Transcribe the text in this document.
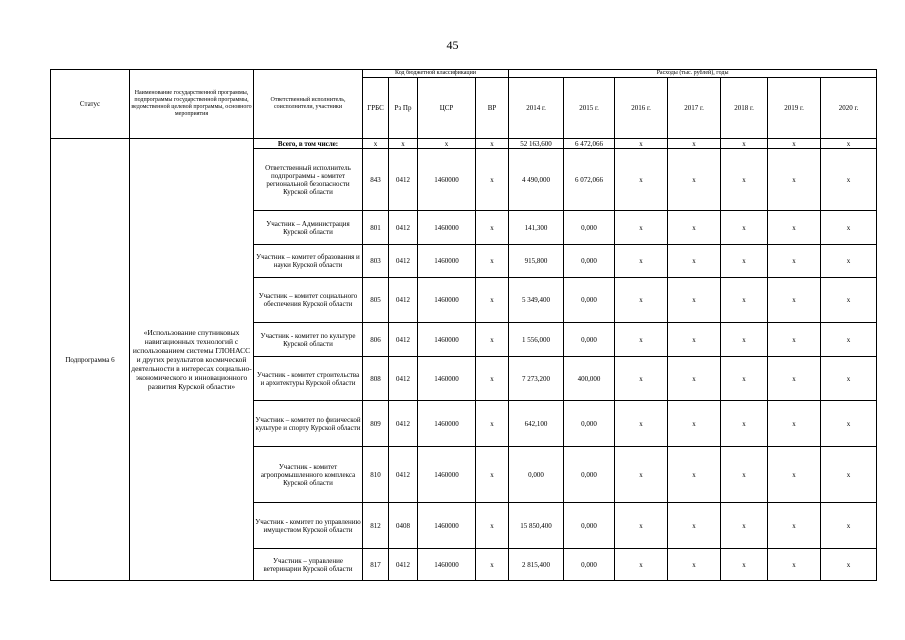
45
Статус	Наименование государственной программы, подпрограммы государственной программы, ведомственной целевой программы, основного мероприятия	Ответственный исполнитель, соисполнители, участники	Код бюджетной классификации				Расходы (тыс. рублей), годы						
			ГРБС	Рз Пр	ЦСР	ВР	2014 г.	2015 г.	2016 г.	2017 г.	2018 г.	2019 г.	2020 г.
Подпрограмма 6	«Использование спутниковых навигационных технологий с использованием системы ГЛОНАСС и других результатов космической деятельности в интересах социально-экономического и инновационного развития Курской области»	Всего, в том числе:	x	x	x	x	52 163,600	6 472,066	x	x	x	x	x
		Ответственный исполнитель подпрограммы - комитет региональной безопасности Курской области	843	0412	1460000	x	4 490,000	6 072,066	x	x	x	x	x
		Участник – Администрация Курской области	801	0412	1460000	x	141,300	0,000	x	x	x	x	x
		Участник – комитет образования и науки Курской области	803	0412	1460000	x	915,800	0,000	x	x	x	x	x
		Участник – комитет социального обеспечения Курской области	805	0412	1460000	x	5 349,400	0,000	x	x	x	x	x
		Участник - комитет по культуре Курской области	806	0412	1460000	x	1 556,000	0,000	x	x	x	x	x
		Участник - комитет строительства и архитектуры Курской области	808	0412	1460000	x	7 273,200	400,000	x	x	x	x	x
		Участник – комитет по физической культуре и спорту Курской области	809	0412	1460000	x	642,100	0,000	x	x	x	x	x
		Участник - комитет агропромышленного комплекса Курской области	810	0412	1460000	x	0,000	0,000	x	x	x	x	x
		Участник - комитет по управлению имуществом Курской области	812	0408	1460000	x	15 850,400	0,000	x	x	x	x	x
		Участник – управление ветеринарии Курской области	817	0412	1460000	x	2 815,400	0,000	x	x	x	x	x
